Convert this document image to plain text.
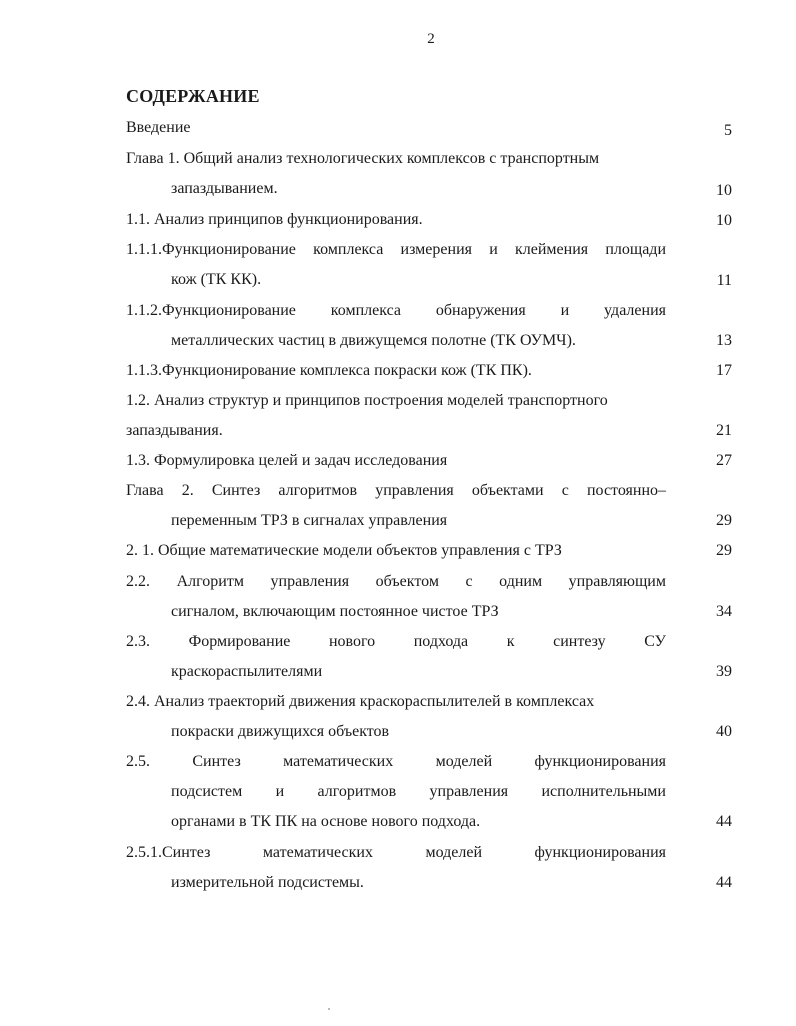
2
СОДЕРЖАНИЕ
Введение	5
Глава 1. Общий анализ технологических комплексов с транспортным
запаздыванием.	10
1.1. Анализ принципов функционирования.	10
1.1.1.Функционирование комплекса измерения и клеймения площади
кож (ТК КК).	11
1.1.2.Функционирование комплекса обнаружения и удаления
металлических частиц в движущемся полотне (ТК ОУМЧ).	13
1.1.3.Функционирование комплекса покраски кож (ТК ПК).	17
1.2. Анализ структур и принципов построения моделей транспортного
запаздывания.	21
1.3. Формулировка целей и задач исследования	27
Глава 2. Синтез алгоритмов управления объектами с постоянно–
переменным ТРЗ в сигналах управления	29
2. 1. Общие математические модели объектов управления с ТРЗ	29
2.2. Алгоритм управления объектом с одним управляющим
сигналом, включающим постоянное чистое ТРЗ	34
2.3. Формирование нового подхода к синтезу СУ
краскораспылителями	39
2.4. Анализ траекторий движения краскораспылителей в комплексах
покраски движущихся объектов	40
2.5. Синтез математических моделей функционирования
подсистем и алгоритмов управления исполнительными
органами в ТК ПК на основе нового подхода.	44
2.5.1.Синтез математических моделей функционирования
измерительной подсистемы.	44
